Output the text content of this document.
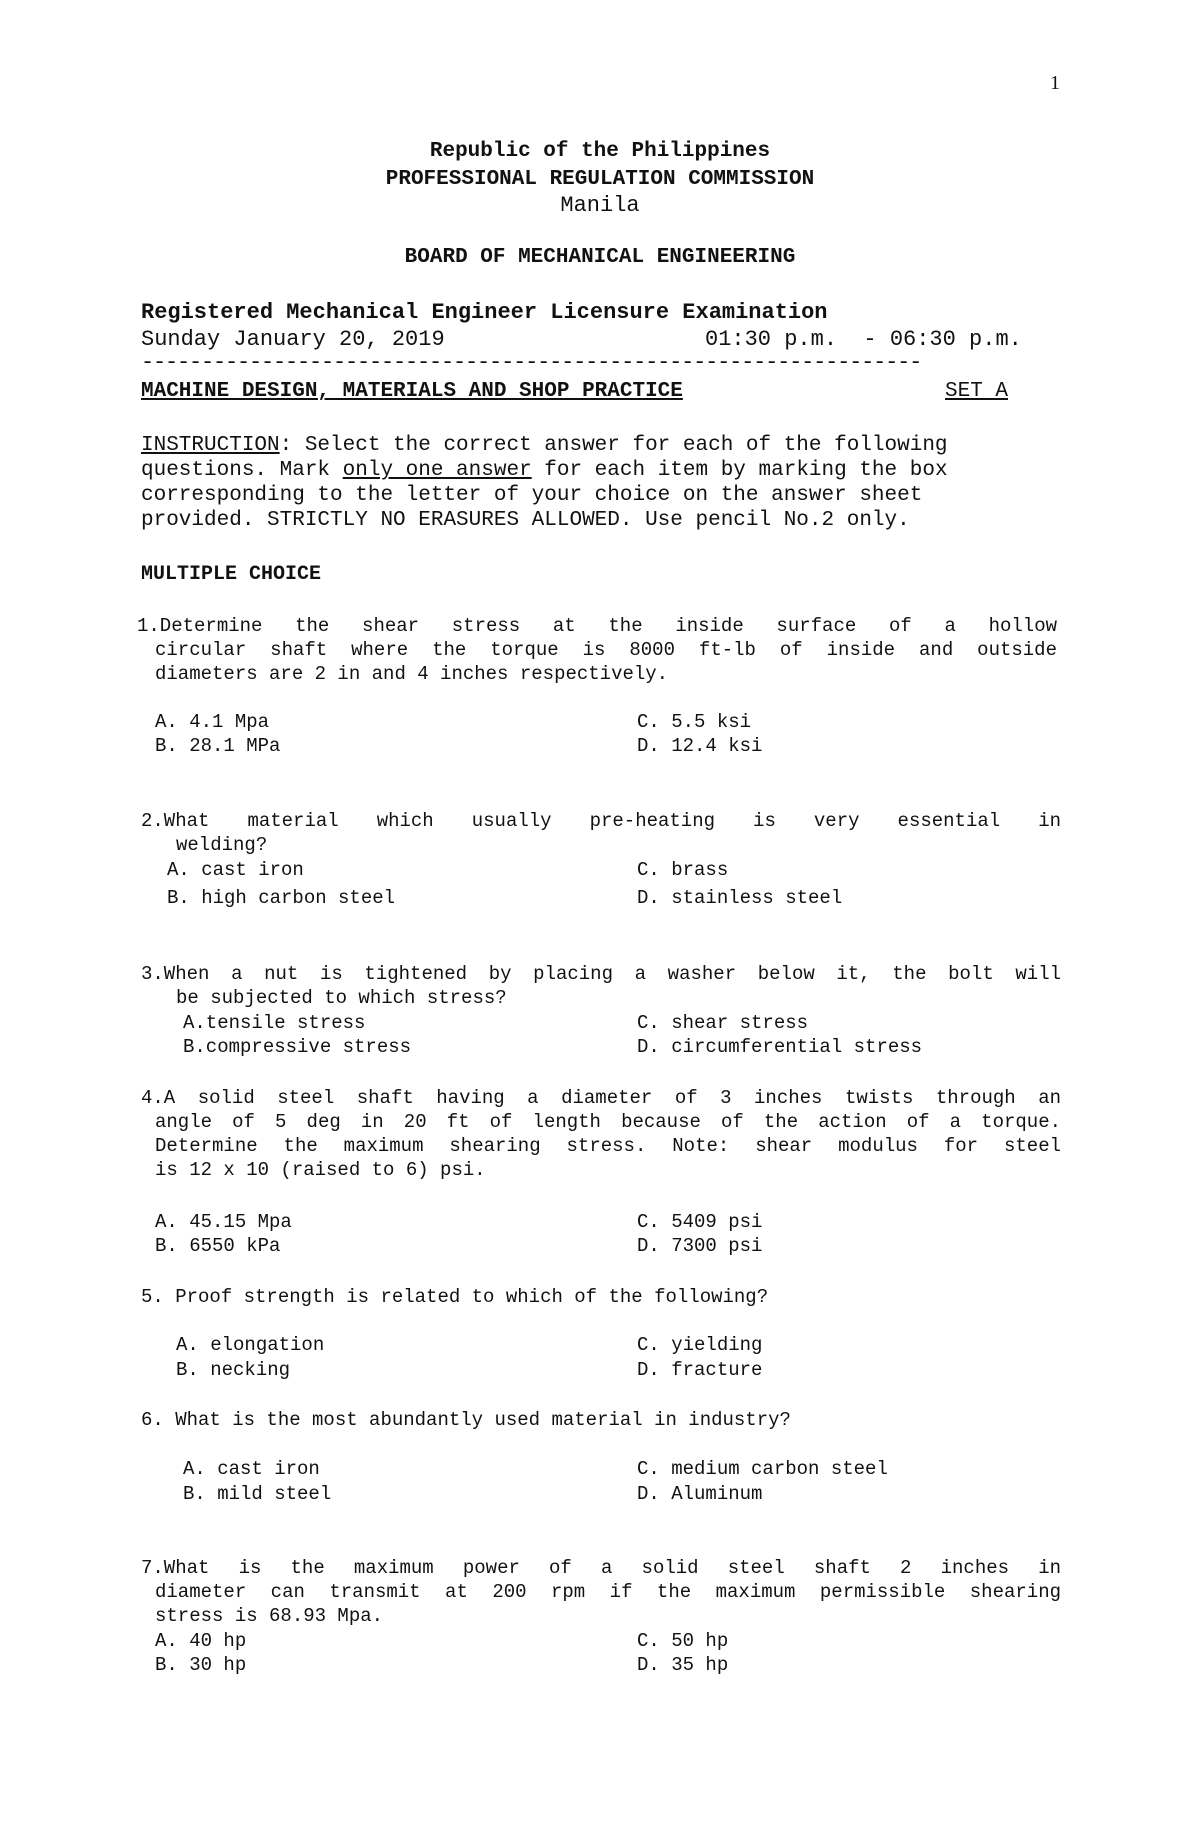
1
Republic of the Philippines
PROFESSIONAL REGULATION COMMISSION
Manila
BOARD OF MECHANICAL ENGINEERING
Registered Mechanical Engineer Licensure Examination
Sunday January 20, 2019	01:30 p.m.  - 06:30 p.m.
-----------------------------------------------------------------
MACHINE DESIGN, MATERIALS AND SHOP PRACTICE	SET A
INSTRUCTION: Select the correct answer for each of the following
questions. Mark only one answer for each item by marking the box
corresponding to the letter of your choice on the answer sheet
provided. STRICTLY NO ERASURES ALLOWED. Use pencil No.2 only.
MULTIPLE CHOICE
1.Determine the shear stress at the inside surface of a hollow
circular shaft where the torque is 8000 ft-lb of inside and outside
diameters are 2 in and 4 inches respectively.
A. 4.1 Mpa
B. 28.1 MPa
C. 5.5 ksi
D. 12.4 ksi
2.What material which usually pre-heating is very essential in
welding?
A. cast iron
B. high carbon steel
C. brass
D. stainless steel
3.When a nut is tightened by placing a washer below it, the bolt will
be subjected to which stress?
A.tensile stress
B.compressive stress
C. shear stress
D. circumferential stress
4.A solid steel shaft having a diameter of 3 inches twists through an
angle of 5 deg in 20 ft of length because of the action of a torque.
Determine the maximum shearing stress. Note: shear modulus for steel
is 12 x 10 (raised to 6) psi.
A. 45.15 Mpa
B. 6550 kPa
C. 5409 psi
D. 7300 psi
5. Proof strength is related to which of the following?
A. elongation
B. necking
C. yielding
D. fracture
6. What is the most abundantly used material in industry?
A. cast iron
B. mild steel
C. medium carbon steel
D. Aluminum
7.What is the maximum power of a solid steel shaft 2 inches in
diameter can transmit at 200 rpm if the maximum permissible shearing
stress is 68.93 Mpa.
A. 40 hp
B. 30 hp
C. 50 hp
D. 35 hp
